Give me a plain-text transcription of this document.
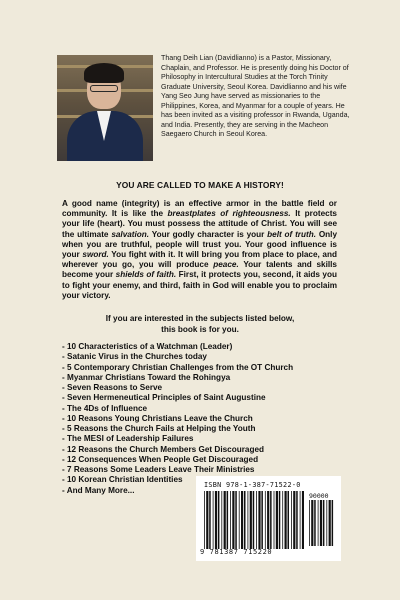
Thang Deih Lian (Davidlianno) is a Pastor, Missionary, Chaplain, and Professor. He is presently doing his Doctor of Philosophy in Intercultural Studies at the Torch Trinity Graduate University, Seoul Korea. Davidlianno and his wife Yang Seo Jung have served as missionaries to the Philippines, Korea, and Myanmar for a couple of years. He has been invited as a visiting professor in Rwanda, Uganda, and India. Presently, they are serving in the Macheon Saegaero Church in Seoul Korea.

YOU ARE CALLED TO MAKE A HISTORY!

A good name (integrity) is an effective armor in the battle field or community. It is like the breastplates of righteousness. It protects your life (heart). You must possess the attitude of Christ. You will see the ultimate salvation. Your godly character is your belt of truth. Only when you are truthful, people will trust you. Your good influence is your sword. You fight with it. It will bring you from place to place, and wherever you go, you will produce peace. Your talents and skills become your shields of faith. First, it protects you, second, it aids you to fight your enemy, and third, faith in God will enable you to proclaim your victory.

If you are interested in the subjects listed below,
this book is for you.

- 10 Characteristics of a Watchman (Leader)
- Satanic Virus in the Churches today
- 5 Contemporary Christian Challenges from the OT Church
- Myanmar Christians Toward the Rohingya
- Seven Reasons to Serve
- Seven Hermeneutical Principles of Saint Augustine
- The 4Ds of Influence
- 10 Reasons Young Christians Leave the Church
- 5 Reasons the Church Fails at Helping the Youth
- The MESI of Leadership Failures
- 12 Reasons the Church Members Get Discouraged
- 12 Consequences When People Get Discouraged
- 7 Reasons Some Leaders Leave Their Ministries
- 10 Korean Christian Identities
- And Many More...
ISBN 978-1-387-71522-0
90000
9 781387 715220
